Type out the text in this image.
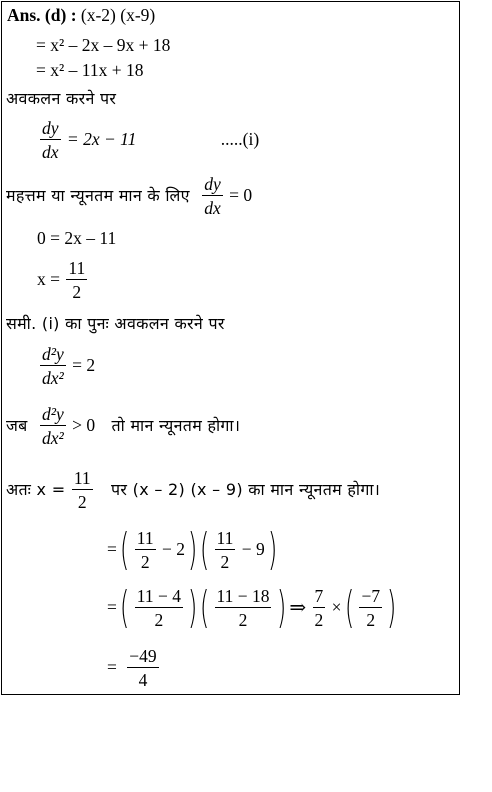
Ans. (d) : (x-2) (x-9)
= x² – 2x – 9x + 18
= x² – 11x + 18
अवकलन करने पर
$\frac{dy}{dx} = 2x - 11$	.....(i)
महत्तम या न्यूनतम मान के लिए $\frac{dy}{dx} = 0$
0 = 2x – 11
$x = \frac{11}{2}$
समी. (i) का पुनः अवकलन करने पर
$\frac{\text{d²y}}{\text{dx²}} = 2$
जब $\frac{\text{d²y}}{\text{dx²}} > 0$ तो मान न्यूनतम होगा।
अतः $x = \frac{11}{2}$ पर (x – 2) (x – 9) का मान न्यूनतम होगा।
= ( $\frac{11}{2} - 2$ ) ( $\frac{11}{2} - 9$ )
= ( $\frac{11 - 4}{2}$ ) ( $\frac{11 - 18}{2}$ ) ⇒ $\frac{7}{2}$ × ( $\frac{-7}{2}$ )
= $\frac{-49}{4}$
